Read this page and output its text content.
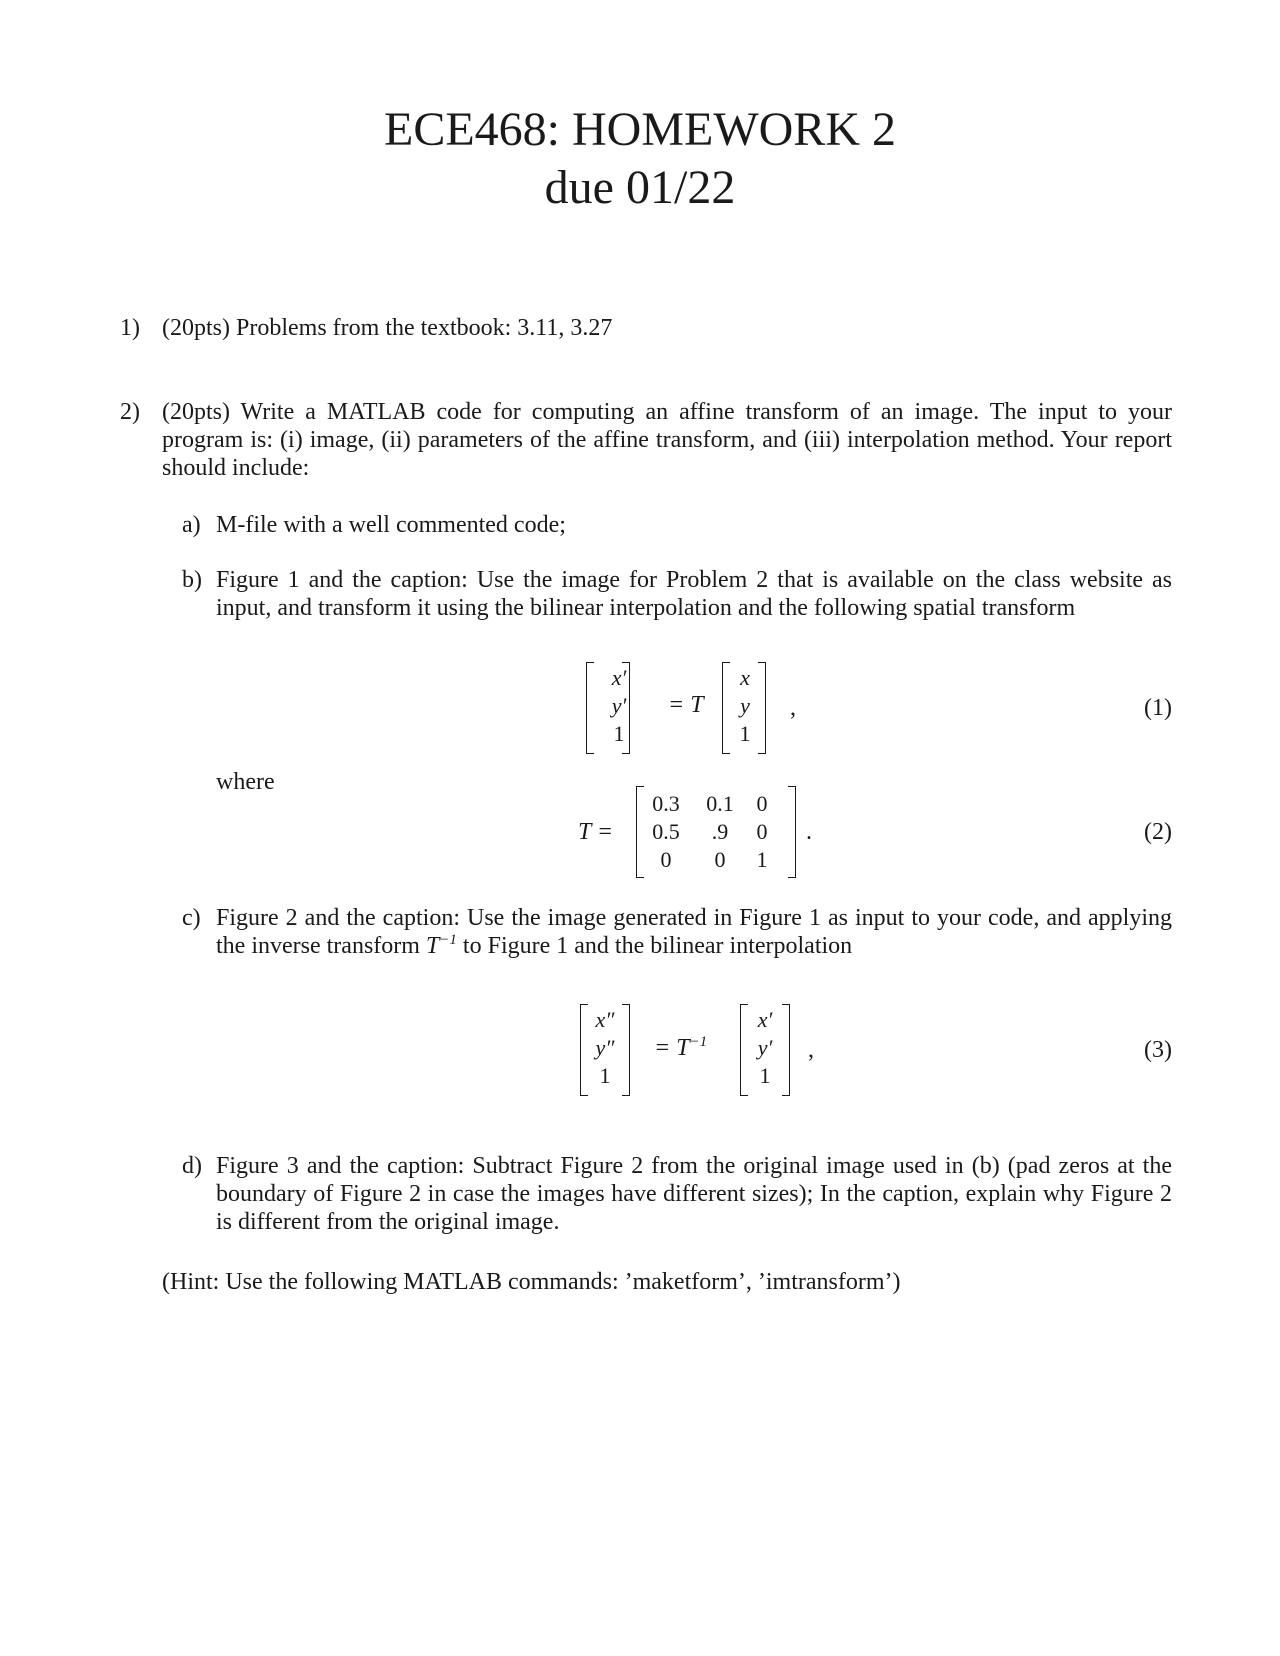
ECE468: HOMEWORK 2
due 01/22
1) (20pts) Problems from the textbook: 3.11, 3.27
2) (20pts) Write a MATLAB code for computing an affine transform of an image. The input to your program is: (i) image, (ii) parameters of the affine transform, and (iii) interpolation method. Your report should include:

a) M-file with a well commented code;
b) Figure 1 and the caption: Use the image for Problem 2 that is available on the class website as input, and transform it using the bilinear interpolation and the following spatial transform

x′
y′
1
= T
x
y
1
,	(1)
where
T =
0.3	0.1	0
0.5	.9	0
0	0	1
.	(2)
c) Figure 2 and the caption: Use the image generated in Figure 1 as input to your code, and applying the inverse transform $T^{-1}$ to Figure 1 and the bilinear interpolation

x″
y″
1
= $T^{-1}$
x′
y′
1
,	(3)
d) Figure 3 and the caption: Subtract Figure 2 from the original image used in (b) (pad zeros at the boundary of Figure 2 in case the images have different sizes); In the caption, explain why Figure 2 is different from the original image.

(Hint: Use the following MATLAB commands: ’maketform’, ’imtransform’)
